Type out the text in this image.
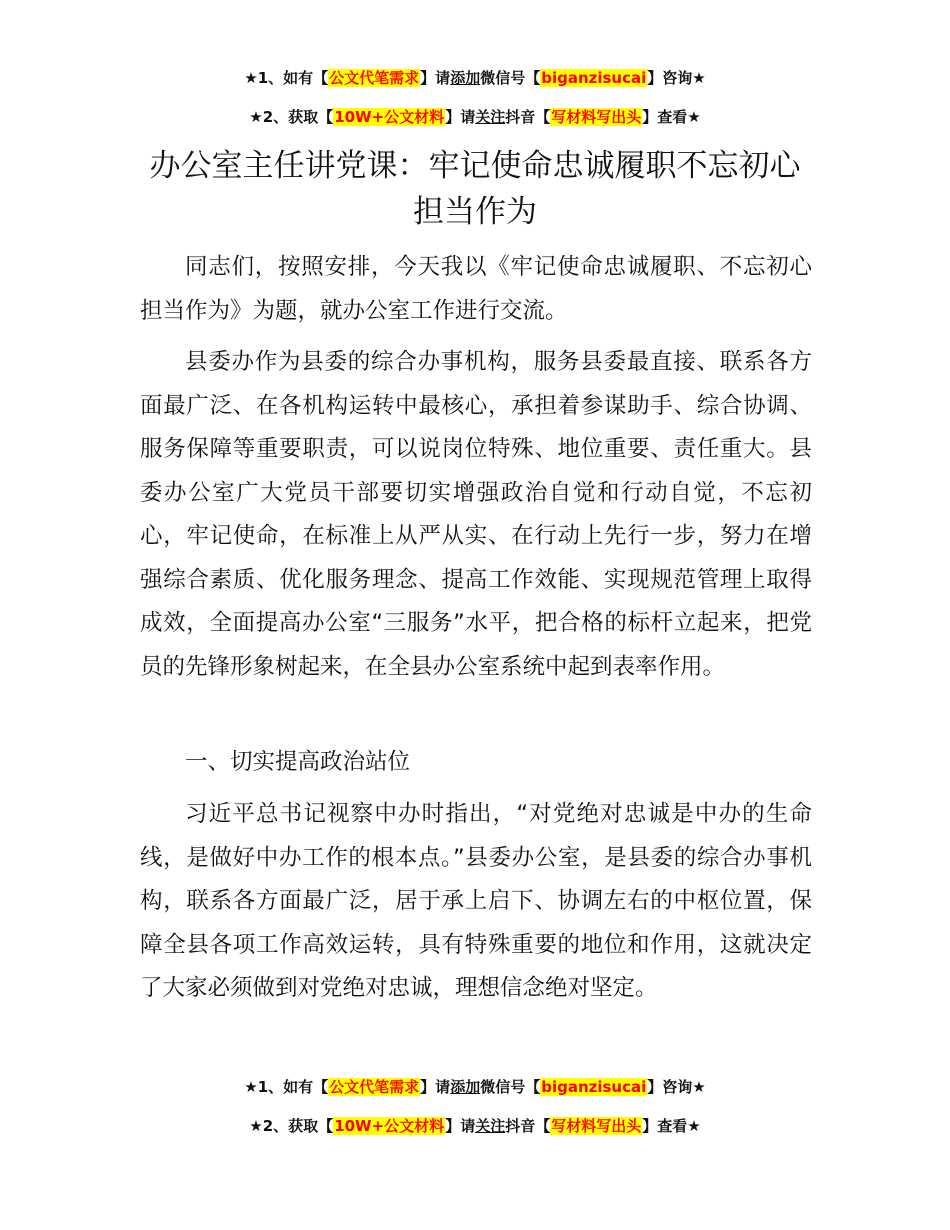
★1、如有【公文代笔需求】请添加微信号【biganzisucai】咨询★
★2、获取【10W+公文材料】请关注抖音【写材料写出头】查看★
办公室主任讲党课：牢记使命忠诚履职不忘初心担当作为

同志们，按照安排，今天我以《牢记使命忠诚履职、不忘初心担当作为》为题，就办公室工作进行交流。

县委办作为县委的综合办事机构，服务县委最直接、联系各方面最广泛、在各机构运转中最核心，承担着参谋助手、综合协调、服务保障等重要职责，可以说岗位特殊、地位重要、责任重大。县委办公室广大党员干部要切实增强政治自觉和行动自觉，不忘初心，牢记使命，在标准上从严从实、在行动上先行一步，努力在增强综合素质、优化服务理念、提高工作效能、实现规范管理上取得成效，全面提高办公室“三服务”水平，把合格的标杆立起来，把党员的先锋形象树起来，在全县办公室系统中起到表率作用。

一、切实提高政治站位

习近平总书记视察中办时指出，“对党绝对忠诚是中办的生命线，是做好中办工作的根本点。”县委办公室，是县委的综合办事机构，联系各方面最广泛，居于承上启下、协调左右的中枢位置，保障全县各项工作高效运转，具有特殊重要的地位和作用，这就决定了大家必须做到对党绝对忠诚，理想信念绝对坚定。

★1、如有【公文代笔需求】请添加微信号【biganzisucai】咨询★
★2、获取【10W+公文材料】请关注抖音【写材料写出头】查看★
